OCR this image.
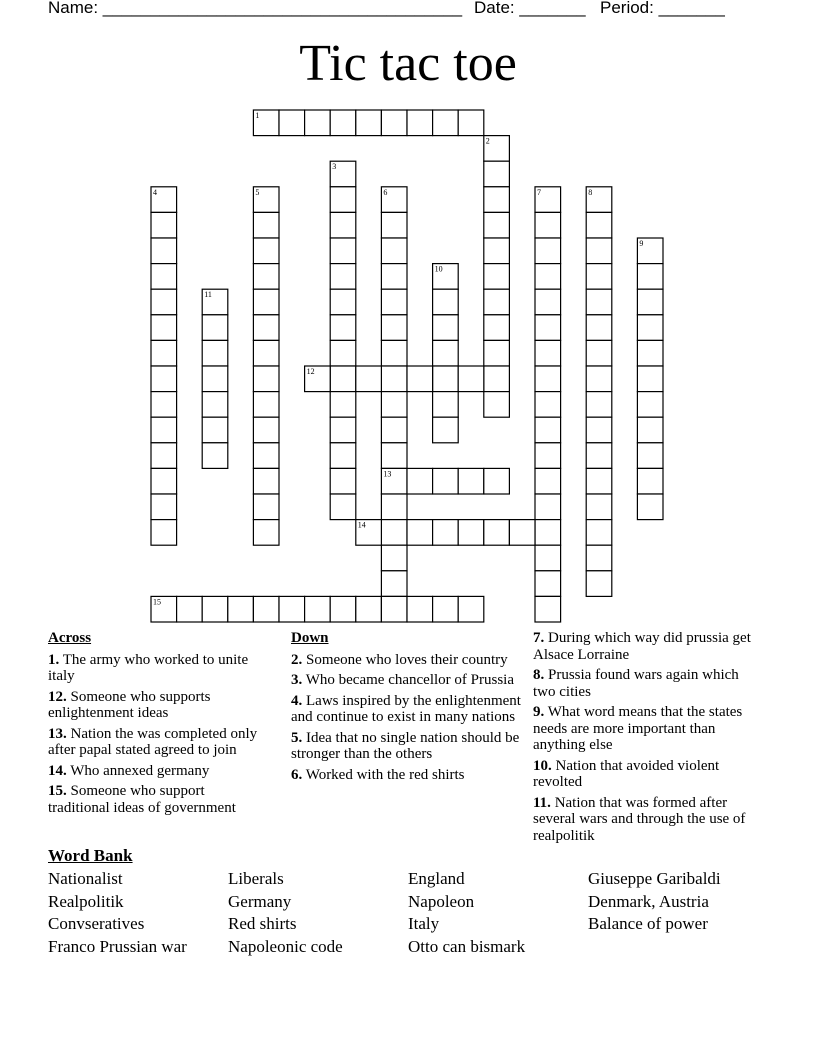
Name: ______________________________________ Date: _______ Period: _______
Tic tac toe
1
2
3
4	5	6	7	8
9
10
11
12
13
14
15
Across
1. The army who worked to unite italy
12. Someone who supports enlightenment ideas
13. Nation the was completed only after papal stated agreed to join
14. Who annexed germany
15. Someone who support traditional ideas of government
Down
2. Someone who loves their country
3. Who became chancellor of Prussia
4. Laws inspired by the enlightenment and continue to exist in many nations
5. Idea that no single nation should be stronger than the others
6. Worked with the red shirts
7. During which way did prussia get Alsace Lorraine
8. Prussia found wars again which two cities
9. What word means that the states needs are more important than anything else
10. Nation that avoided violent revolted
11. Nation that was formed after several wars and through the use of realpolitik
Word Bank
Nationalist
Realpolitik
Convseratives
Franco Prussian war
Liberals
Germany
Red shirts
Napoleonic code
England
Napoleon
Italy
Otto can bismark
Giuseppe Garibaldi
Denmark, Austria
Balance of power
